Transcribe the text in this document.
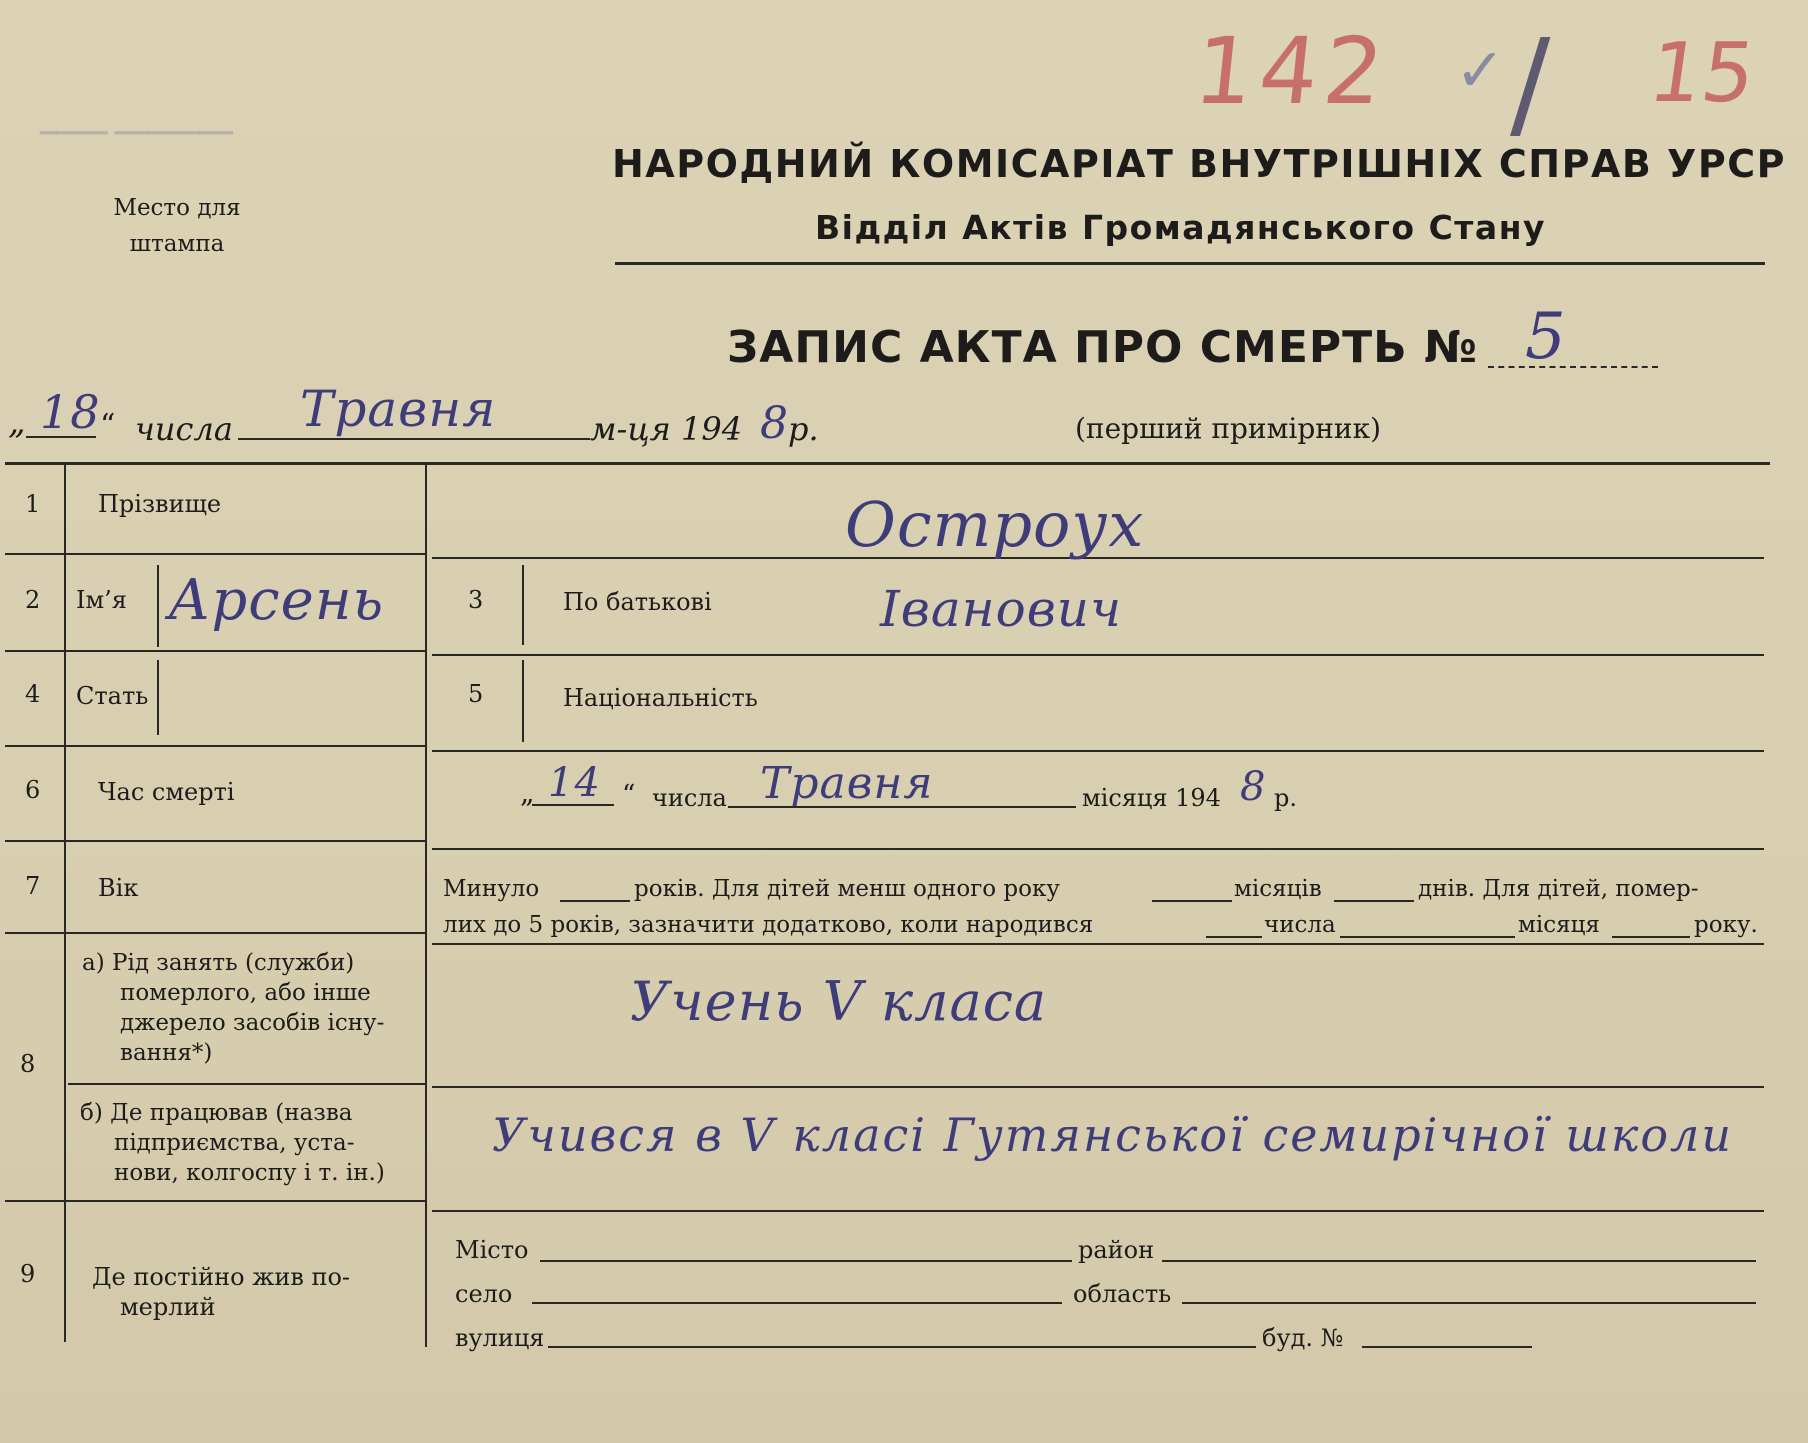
▁▁▁▁ ▁▁▁▁▁▁▁	142 ✓ / 15
Место для
штампа
НАРОДНИЙ КОМІСАРІАТ ВНУТРІШНІХ СПРАВ УРСР
Відділ Актів Громадянського Стану
ЗАПИС АКТА ПРО СМЕРТЬ № 5
„ 18 “ числа Травня	м-ця 194 8 р.	(перший примірник)
1 Прізвище	Остроух
2 Ім’я Арсень	3	По батькові	Іванович
4 Стать	5	Національність
6 Час смерті	„ 14 “ числа Травня	місяця 194 8 р.
7 Вік	Минуло	років. Для дітей менш одного року	місяців	днів. Для дітей, помер-
лих до 5 років, зазначити додатково, коли народився	числа	місяця	року.
8
а) Рід занять (служби)
померлого, або інше
джерело засобів існу-
вання*)
Учень V класа
б) Де працював (назва
підприємства, уста-
нови, колгоспу і т. ін.)
Учився в V класі Гутянської семирічної школи
9 Де постійно жив по-
мерлий
Місто	район
село	область
вулиця	буд. №
